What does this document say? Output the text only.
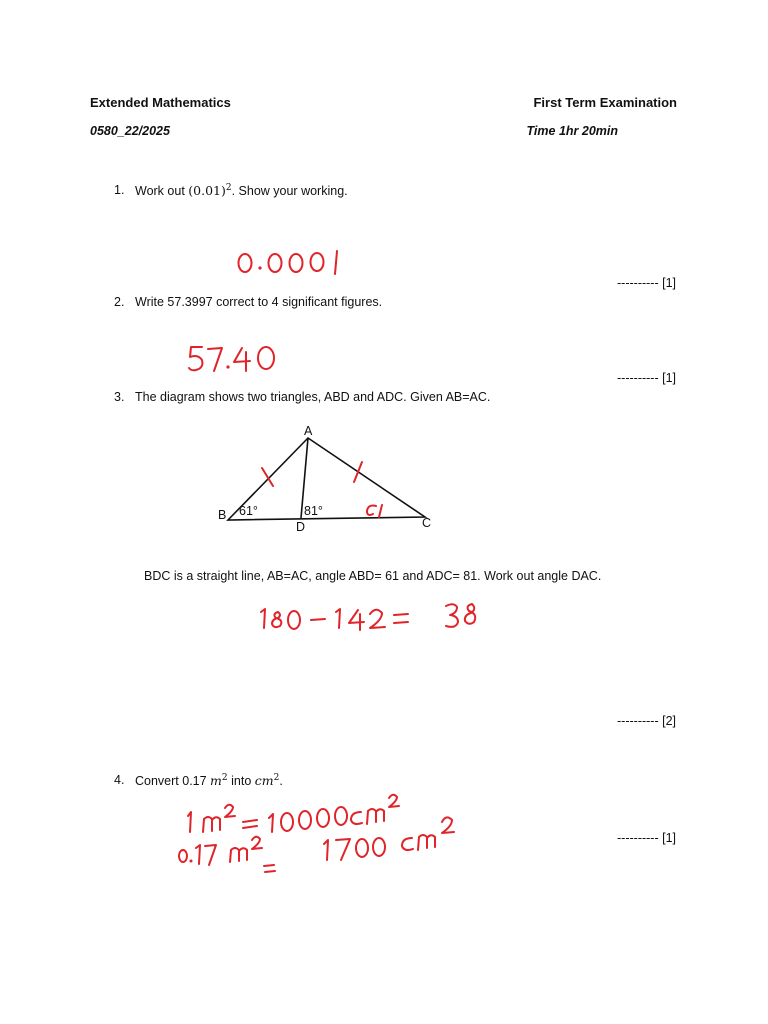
Extended Mathematics	First Term Examination
0580_22/2025	Time 1hr 20min
1. Work out $(0.01)^2$. Show your working.
---------- [1]
2. Write 57.3997 correct to 4 significant figures.
---------- [1]
3. The diagram shows two triangles, ABD and ADC. Given AB=AC.
A
B
C
D
61°	81°
BDC is a straight line, AB=AC, angle ABD= 61 and ADC= 81. Work out angle DAC.
---------- [2]
4. Convert 0.17 $m^2$ into $cm^2$.
---------- [1]
